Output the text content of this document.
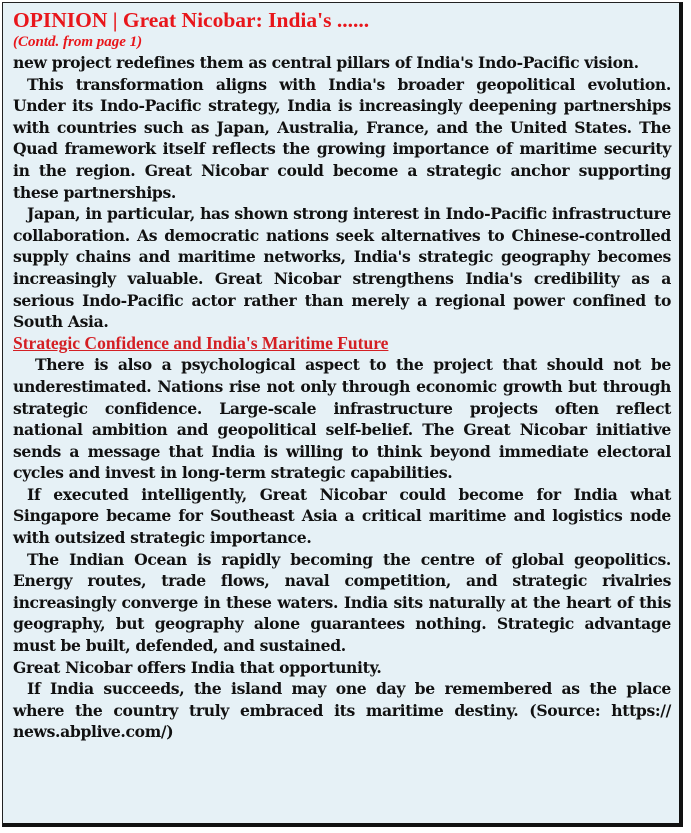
OPINION | Great Nicobar: India's ......

(Contd. from page 1)

new project redefines them as central pillars of India's Indo-Pacific vision.

This transformation aligns with India's broader geopolitical evolution. Under its Indo-Pacific strategy, India is increasingly deepening partnerships with countries such as Japan, Australia, France, and the United States. The Quad framework itself reflects the growing importance of maritime security in the region. Great Nicobar could become a strategic anchor supporting these partnerships.

Japan, in particular, has shown strong interest in Indo-Pacific infrastructure collaboration. As democratic nations seek alternatives to Chinese-controlled supply chains and maritime networks, India's strategic geography becomes increasingly valuable. Great Nicobar strengthens India's credibility as a serious Indo-Pacific actor rather than merely a regional power confined to South Asia.

Strategic Confidence and India's Maritime Future

There is also a psychological aspect to the project that should not be underestimated. Nations rise not only through economic growth but through strategic confidence. Large-scale infrastructure projects often reflect national ambition and geopolitical self-belief. The Great Nicobar initiative sends a message that India is willing to think beyond immediate electoral cycles and invest in long-term strategic capabilities.

If executed intelligently, Great Nicobar could become for India what Singapore became for Southeast Asia a critical maritime and logistics node with outsized strategic importance.

The Indian Ocean is rapidly becoming the centre of global geopolitics. Energy routes, trade flows, naval competition, and strategic rivalries increasingly converge in these waters. India sits naturally at the heart of this geography, but geography alone guarantees nothing. Strategic advantage must be built, defended, and sustained.

Great Nicobar offers India that opportunity.

If India succeeds, the island may one day be remembered as the place where the country truly embraced its maritime destiny. (Source: https:// news.abplive.com/)
